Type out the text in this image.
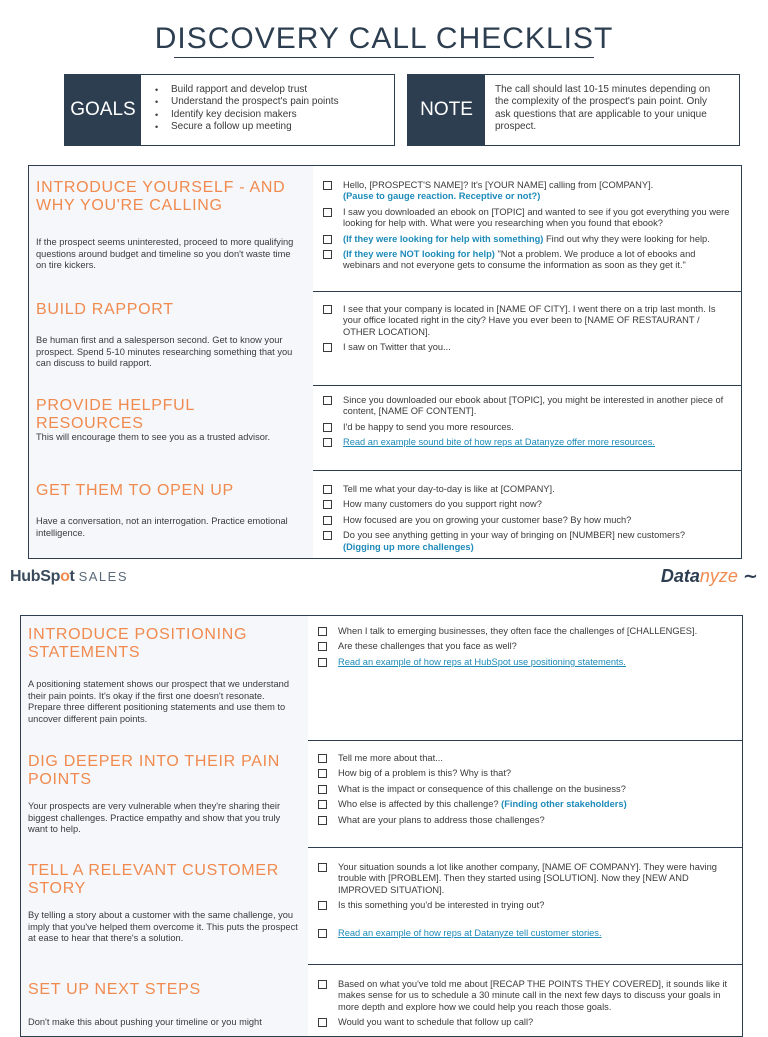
DISCOVERY CALL CHECKLIST
GOALS
• Build rapport and develop trust
• Understand the prospect's pain points
• Identify key decision makers
• Secure a follow up meeting
NOTE
The call should last 10-15 minutes depending on the complexity of the prospect's pain point. Only ask questions that are applicable to your unique prospect.
INTRODUCE YOURSELF - AND WHY YOU'RE CALLING
If the prospect seems uninterested, proceed to more qualifying questions around budget and timeline so you don't waste time on tire kickers.
Hello, [PROSPECT'S NAME]? It's [YOUR NAME] calling from [COMPANY].
(Pause to gauge reaction. Receptive or not?)
I saw you downloaded an ebook on [TOPIC] and wanted to see if you got everything you were looking for help with. What were you researching when you found that ebook?
(If they were looking for help with something) Find out why they were looking for help.
(If they were NOT looking for help) "Not a problem. We produce a lot of ebooks and webinars and not everyone gets to consume the information as soon as they get it."
BUILD RAPPORT
Be human first and a salesperson second. Get to know your prospect. Spend 5-10 minutes researching something that you can discuss to build rapport.
I see that your company is located in [NAME OF CITY]. I went there on a trip last month. Is your office located right in the city? Have you ever been to [NAME OF RESTAURANT / OTHER LOCATION].
I saw on Twitter that you...
PROVIDE HELPFUL RESOURCES
This will encourage them to see you as a trusted advisor.
Since you downloaded our ebook about [TOPIC], you might be interested in another piece of content, [NAME OF CONTENT].
I'd be happy to send you more resources.
Read an example sound bite of how reps at Datanyze offer more resources.
GET THEM TO OPEN UP
Have a conversation, not an interrogation. Practice emotional intelligence.
Tell me what your day-to-day is like at [COMPANY].
How many customers do you support right now?
How focused are you on growing your customer base? By how much?
Do you see anything getting in your way of bringing on [NUMBER] new customers?
(Digging up more challenges)
HubSpot SALES	Datanyze ∼
INTRODUCE POSITIONING STATEMENTS
A positioning statement shows our prospect that we understand their pain points. It's okay if the first one doesn't resonate. Prepare three different positioning statements and use them to uncover different pain points.
When I talk to emerging businesses, they often face the challenges of [CHALLENGES].
Are these challenges that you face as well?
Read an example of how reps at HubSpot use positioning statements.
DIG DEEPER INTO THEIR PAIN POINTS
Your prospects are very vulnerable when they're sharing their biggest challenges. Practice empathy and show that you truly want to help.
Tell me more about that...
How big of a problem is this? Why is that?
What is the impact or consequence of this challenge on the business?
Who else is affected by this challenge? (Finding other stakeholders)
What are your plans to address those challenges?
TELL A RELEVANT CUSTOMER STORY
By telling a story about a customer with the same challenge, you imply that you've helped them overcome it. This puts the prospect at ease to hear that there's a solution.
Your situation sounds a lot like another company, [NAME OF COMPANY]. They were having trouble with [PROBLEM]. Then they started using [SOLUTION]. Now they [NEW AND IMPROVED SITUATION].
Is this something you'd be interested in trying out?
Read an example of how reps at Datanyze tell customer stories.
SET UP NEXT STEPS
Don't make this about pushing your timeline or you might
Based on what you've told me about [RECAP THE POINTS THEY COVERED], it sounds like it makes sense for us to schedule a 30 minute call in the next few days to discuss your goals in more depth and explore how we could help you reach those goals.
Would you want to schedule that follow up call?
